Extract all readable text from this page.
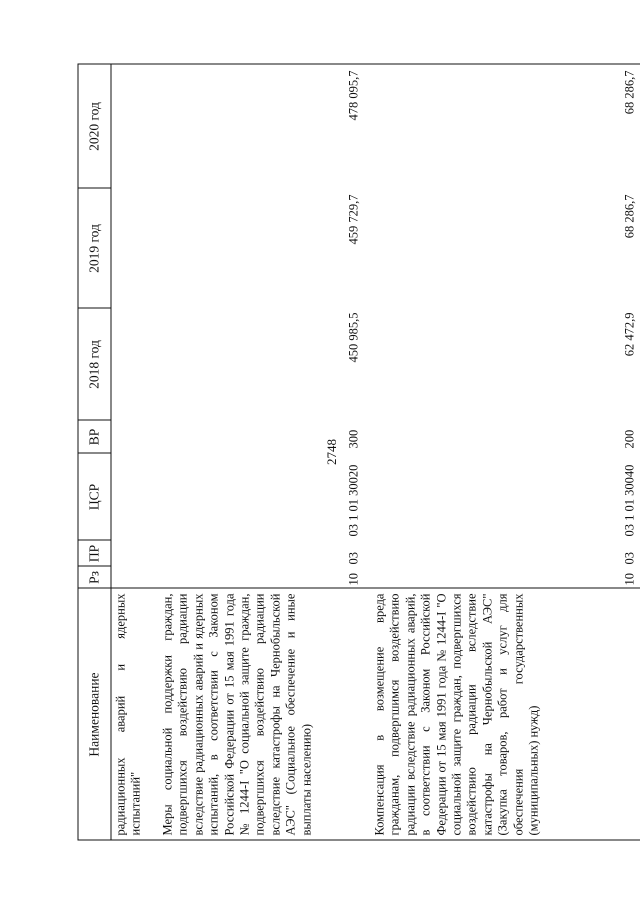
2748
Наименование
Рз
ПР
ЦСР
ВР
2018 год
2019 год
2020 год
радиационных аварий и ядерных испытаний" Меры социальной поддержки граждан, подвергшихся воздействию радиации вследствие радиационных аварий и ядерных испытаний, в соответствии с Законом Российской Федерации от 15 мая 1991 года № 1244-I "О социальной защите граждан, подвергшихся воздействию радиации вследствие катастрофы на Чернобыльской АЭС" (Социальное обеспечение и иные выплаты населению)
10
03
03 1 01 30020
300
450 985,5
459 729,7
478 095,7
Компенсация в возмещение вреда гражданам, подвергшимся воздействию радиации вследствие радиационных аварий, в соответствии с Законом Российской Федерации от 15 мая 1991 года № 1244-I "О социальной защите граждан, подвергшихся воздействию радиации вследствие катастрофы на Чернобыльской АЭС" (Закупка товаров, работ и услуг для обеспечения государственных (муниципальных) нужд)
10
03
03 1 01 30040
200
62 472,9
68 286,7
68 286,7
